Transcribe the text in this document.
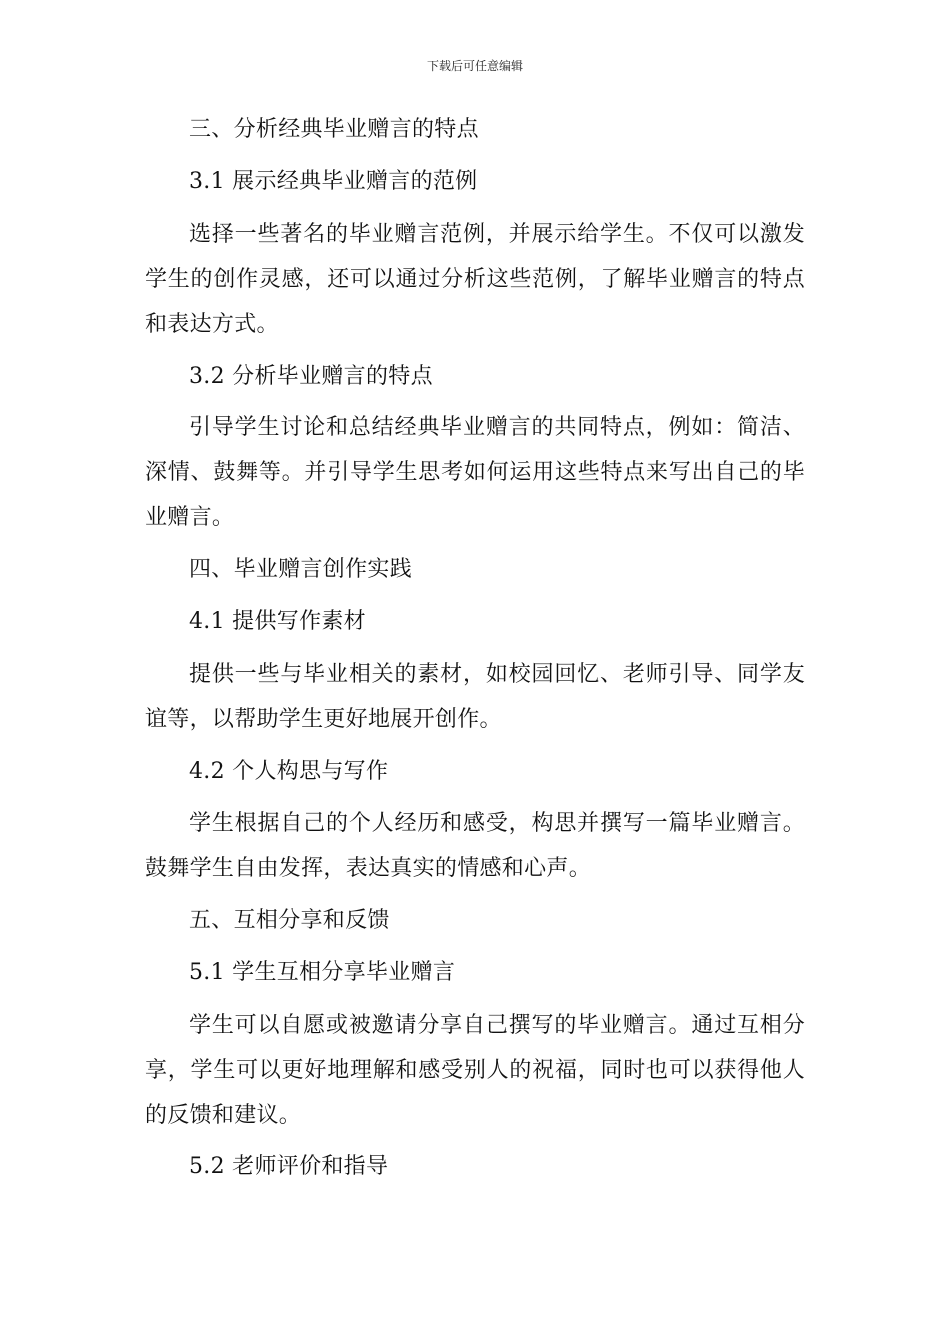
下载后可任意编辑
三、分析经典毕业赠言的特点
3.1 展示经典毕业赠言的范例
选择一些著名的毕业赠言范例，并展示给学生。不仅可以激发学生的创作灵感，还可以通过分析这些范例，了解毕业赠言的特点和表达方式。
3.2 分析毕业赠言的特点
引导学生讨论和总结经典毕业赠言的共同特点，例如：简洁、深情、鼓舞等。并引导学生思考如何运用这些特点来写出自己的毕业赠言。
四、毕业赠言创作实践
4.1 提供写作素材
提供一些与毕业相关的素材，如校园回忆、老师引导、同学友谊等，以帮助学生更好地展开创作。
4.2 个人构思与写作
学生根据自己的个人经历和感受，构思并撰写一篇毕业赠言。鼓舞学生自由发挥，表达真实的情感和心声。
五、互相分享和反馈
5.1 学生互相分享毕业赠言
学生可以自愿或被邀请分享自己撰写的毕业赠言。通过互相分享，学生可以更好地理解和感受别人的祝福，同时也可以获得他人的反馈和建议。
5.2 老师评价和指导
